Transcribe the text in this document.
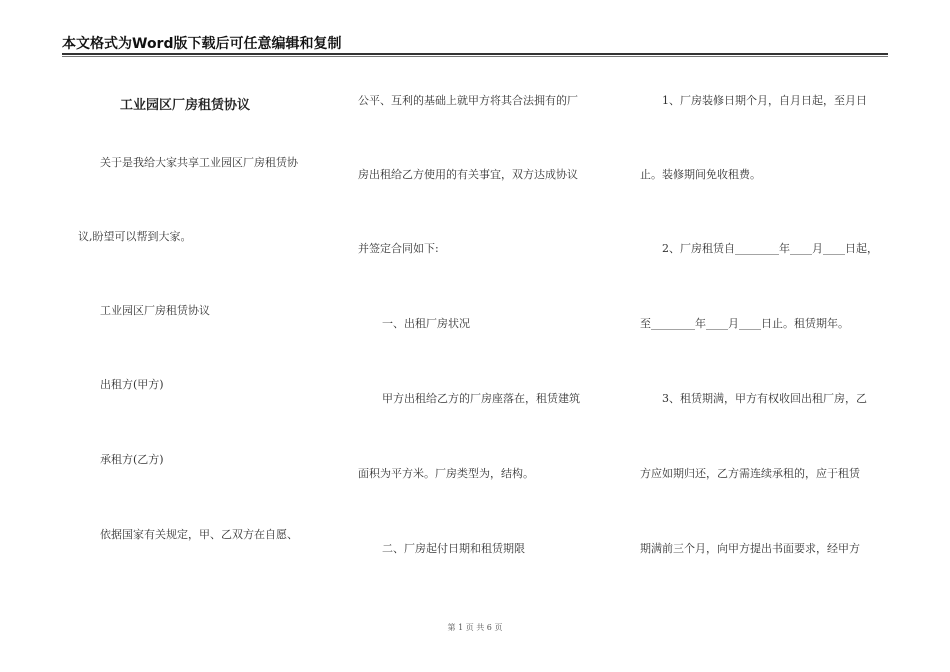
本文格式为Word版下载后可任意编辑和复制
工业园区厂房租赁协议
关于是我给大家共享工业园区厂房租赁协
议,盼望可以帮到大家。
工业园区厂房租赁协议
出租方(甲方)
承租方(乙方)
依据国家有关规定，甲、乙双方在自愿、
公平、互利的基础上就甲方将其合法拥有的厂
房出租给乙方使用的有关事宜，双方达成协议
并签定合同如下:
一、出租厂房状况
甲方出租给乙方的厂房座落在，租赁建筑
面积为平方米。厂房类型为，结构。
二、厂房起付日期和租赁期限
1、厂房装修日期个月，自月日起，至月日
止。装修期间免收租费。
2、厂房租赁自________年____月____日起，
至________年____月____日止。租赁期年。
3、租赁期满，甲方有权收回出租厂房，乙
方应如期归还，乙方需连续承租的，应于租赁
期满前三个月，向甲方提出书面要求，经甲方
第 1 页 共 6 页
